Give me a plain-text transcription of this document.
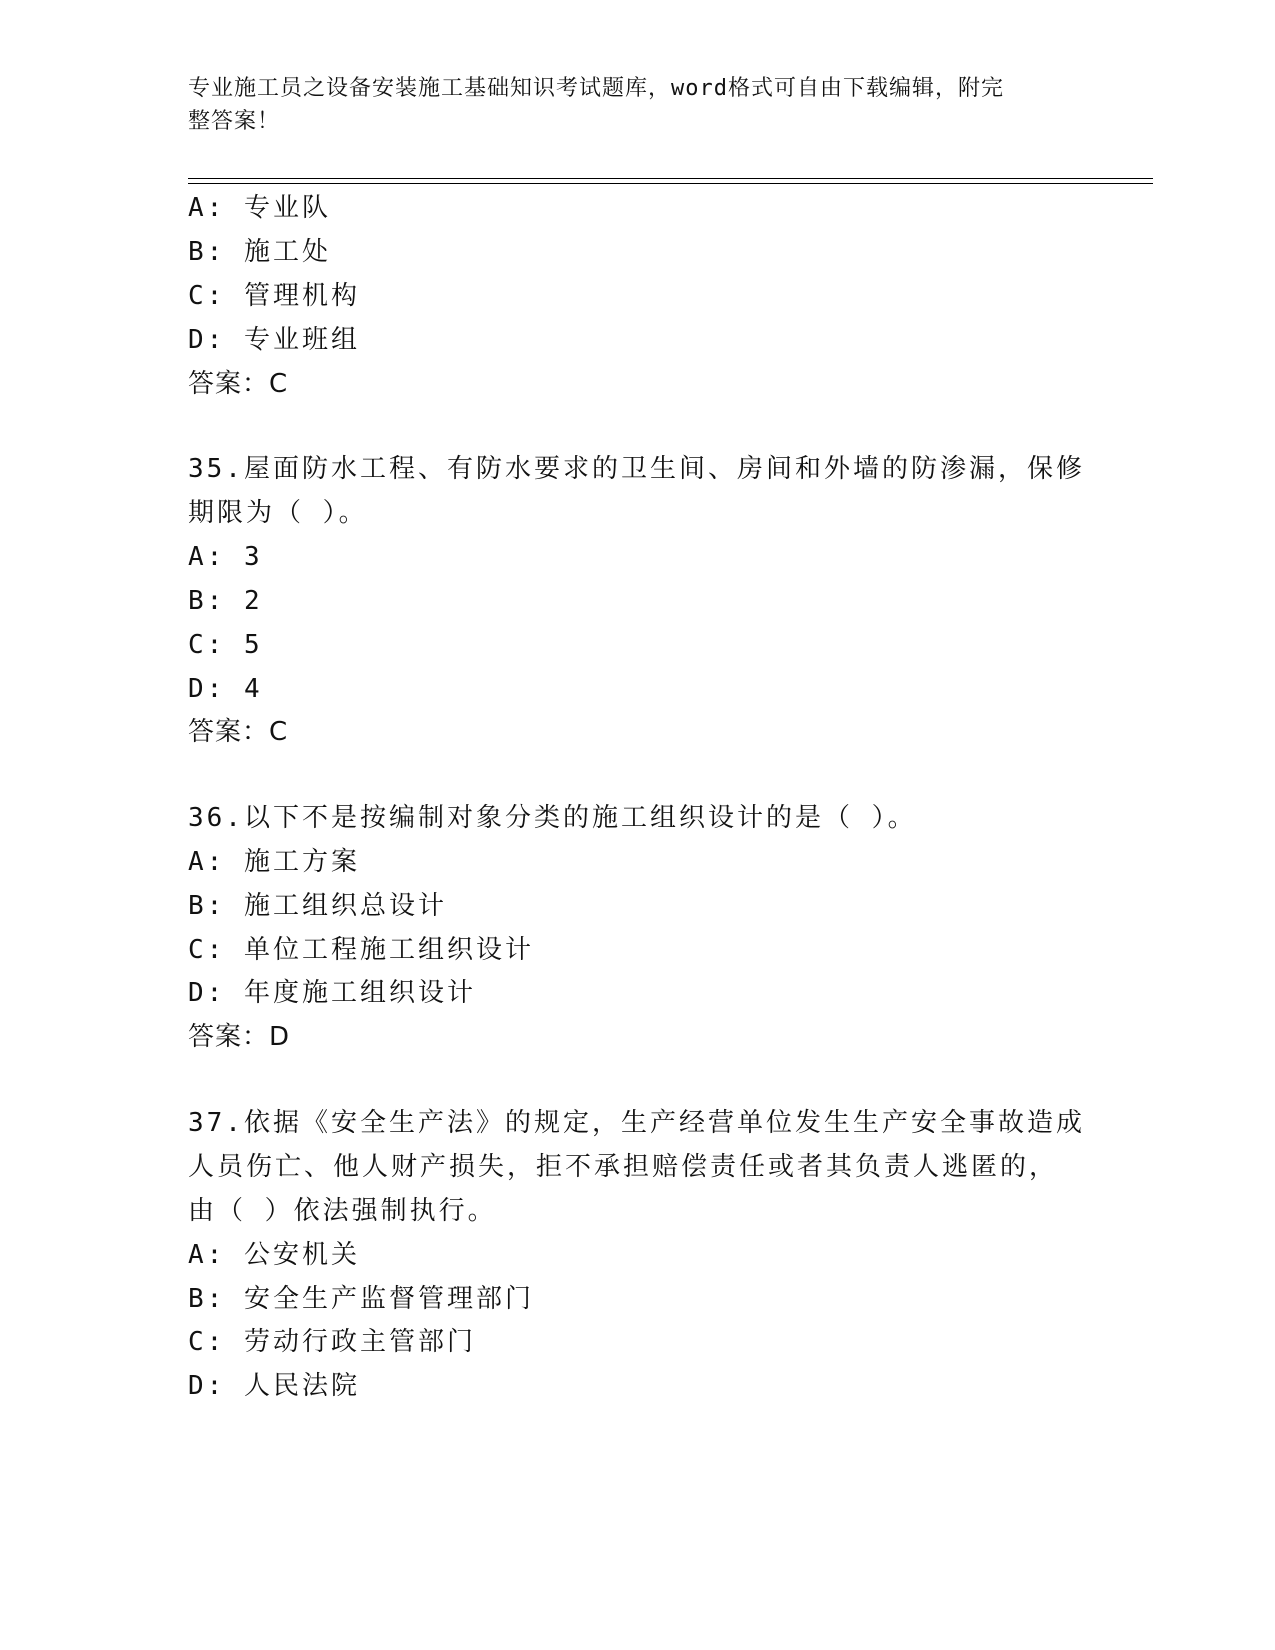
专业施工员之设备安装施工基础知识考试题库，word格式可自由下载编辑，附完
整答案！
A: 专业队
B: 施工处
C: 管理机构
D: 专业班组
答案：C
35.屋面防水工程、有防水要求的卫生间、房间和外墙的防渗漏，保修
期限为（ ）。
A: 3
B: 2
C: 5
D: 4
答案：C
36.以下不是按编制对象分类的施工组织设计的是（ ）。
A: 施工方案
B: 施工组织总设计
C: 单位工程施工组织设计
D: 年度施工组织设计
答案：D
37.依据《安全生产法》的规定，生产经营单位发生生产安全事故造成
人员伤亡、他人财产损失，拒不承担赔偿责任或者其负责人逃匿的，
由（ ）依法强制执行。
A: 公安机关
B: 安全生产监督管理部门
C: 劳动行政主管部门
D: 人民法院
